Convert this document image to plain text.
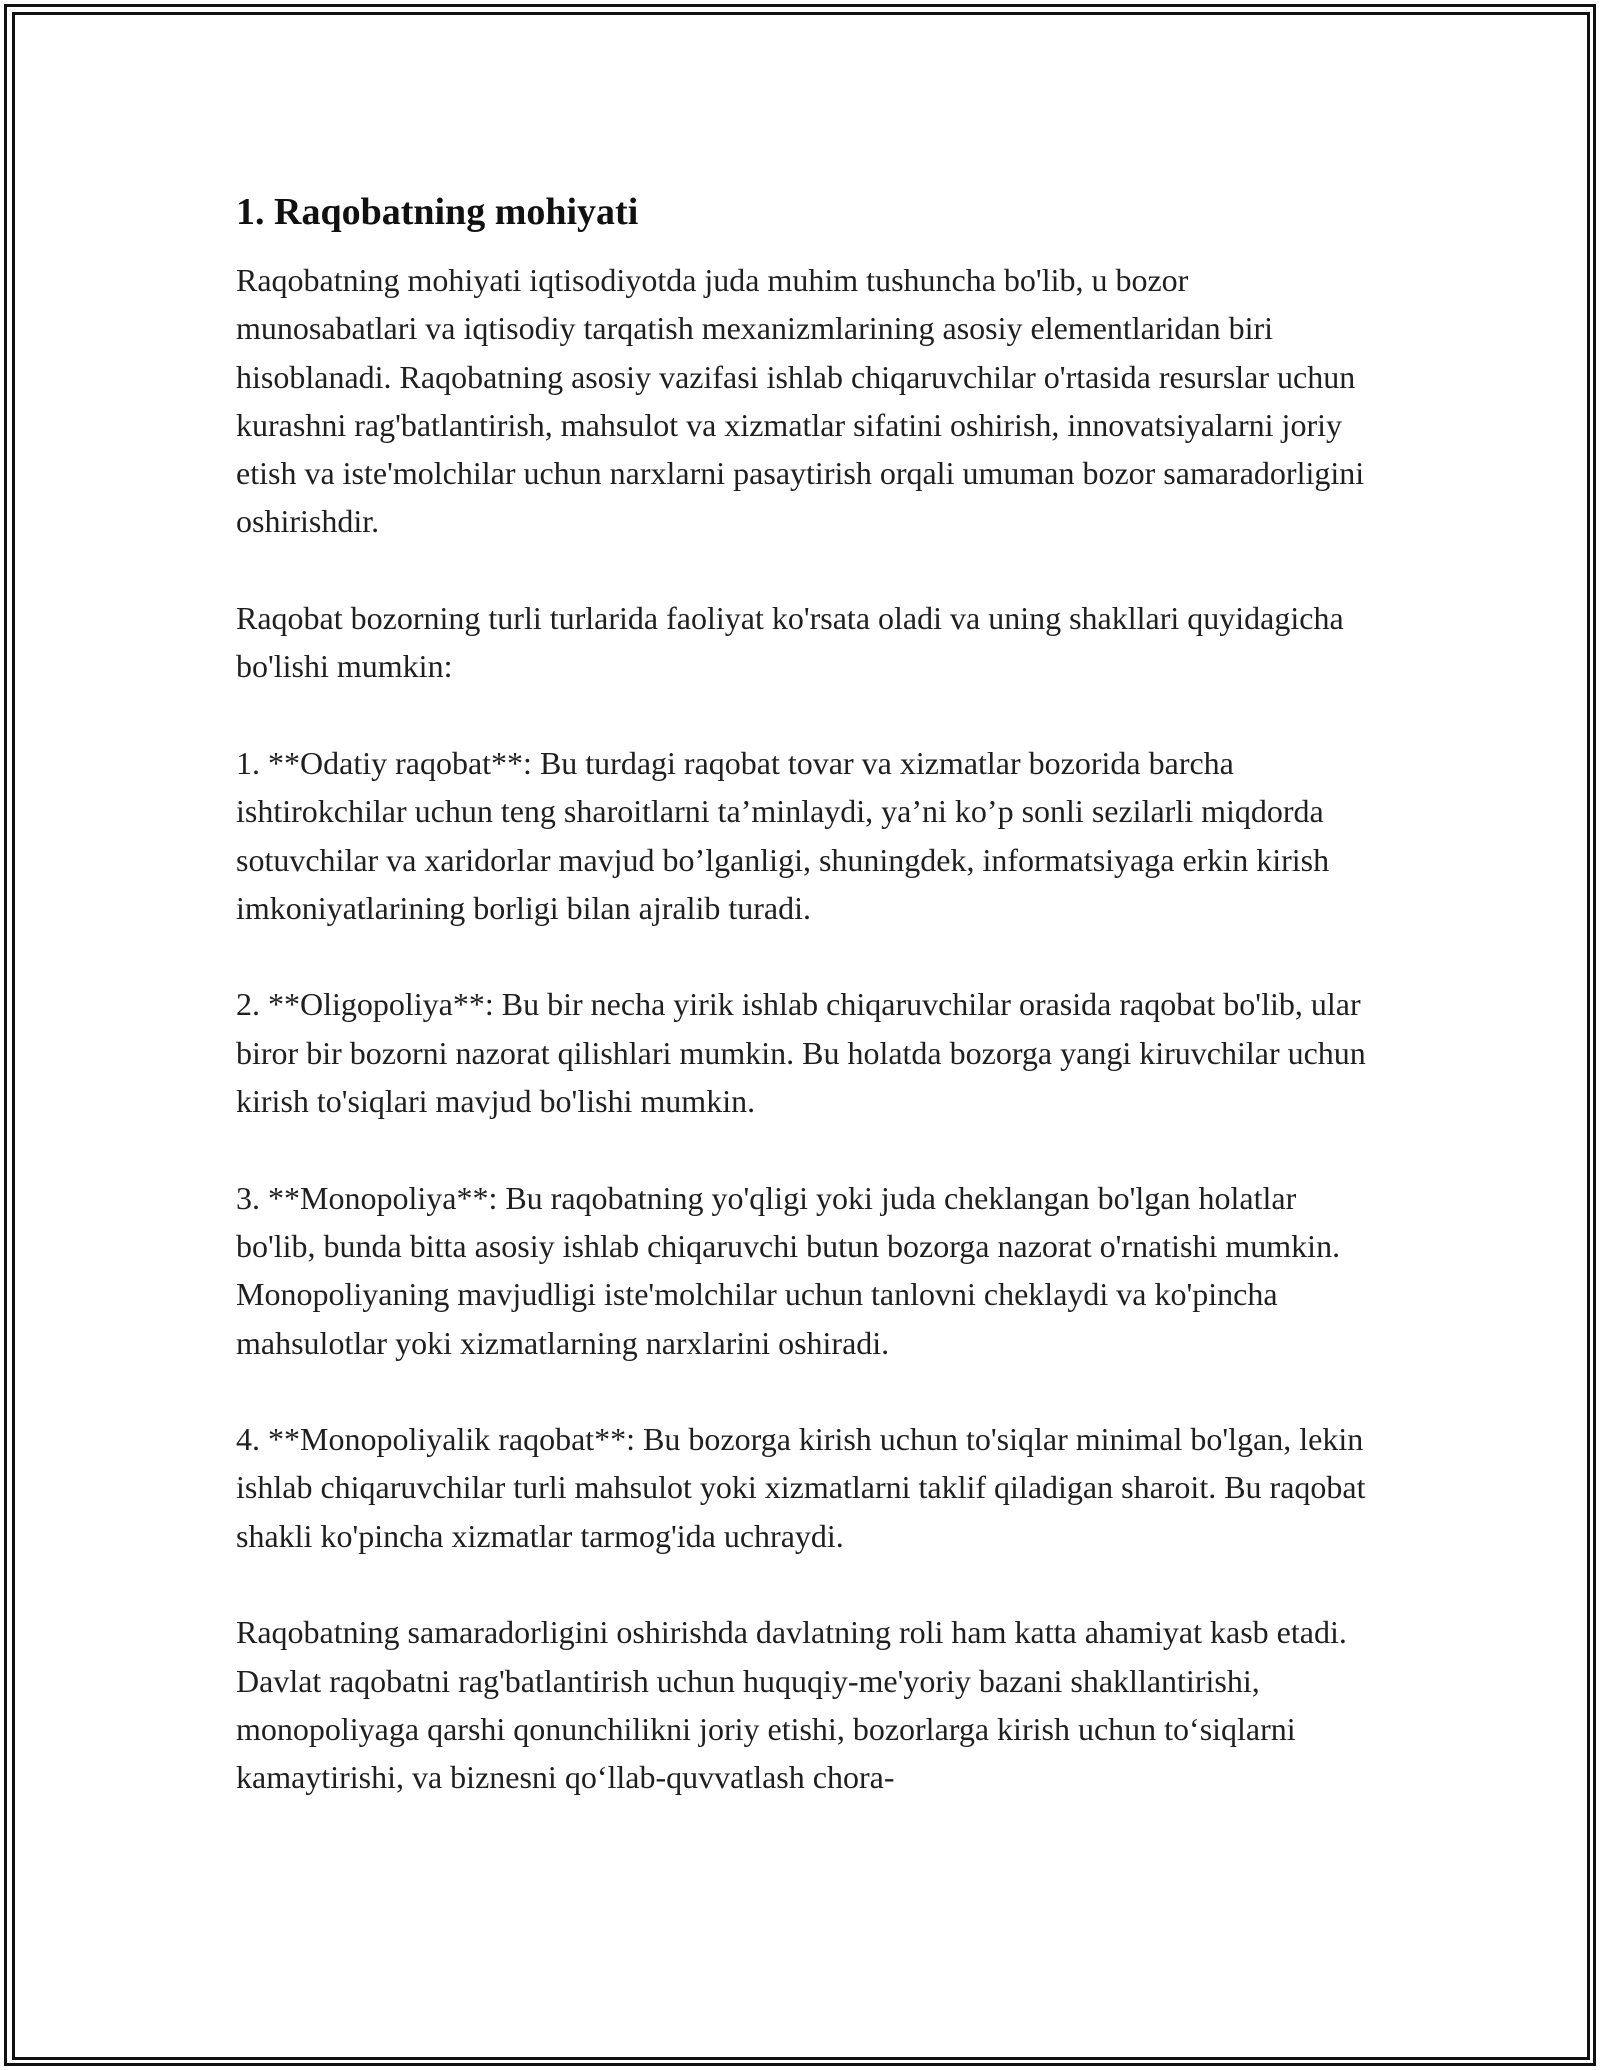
1. Raqobatning mohiyati

Raqobatning mohiyati iqtisodiyotda juda muhim tushuncha bo'lib, u bozor munosabatlari va iqtisodiy tarqatish mexanizmlarining asosiy elementlaridan biri hisoblanadi. Raqobatning asosiy vazifasi ishlab chiqaruvchilar o'rtasida resurslar uchun kurashni rag'batlantirish, mahsulot va xizmatlar sifatini oshirish, innovatsiyalarni joriy etish va iste'molchilar uchun narxlarni pasaytirish orqali umuman bozor samaradorligini oshirishdir.

Raqobat bozorning turli turlarida faoliyat ko'rsata oladi va uning shakllari quyidagicha bo'lishi mumkin:

1. **Odatiy raqobat**: Bu turdagi raqobat tovar va xizmatlar bozorida barcha ishtirokchilar uchun teng sharoitlarni ta’minlaydi, ya’ni ko’p sonli sezilarli miqdorda sotuvchilar va xaridorlar mavjud bo’lganligi, shuningdek, informatsiyaga erkin kirish imkoniyatlarining borligi bilan ajralib turadi.

2. **Oligopoliya**: Bu bir necha yirik ishlab chiqaruvchilar orasida raqobat bo'lib, ular biror bir bozorni nazorat qilishlari mumkin. Bu holatda bozorga yangi kiruvchilar uchun kirish to'siqlari mavjud bo'lishi mumkin.

3. **Monopoliya**: Bu raqobatning yo'qligi yoki juda cheklangan bo'lgan holatlar bo'lib, bunda bitta asosiy ishlab chiqaruvchi butun bozorga nazorat o'rnatishi mumkin. Monopoliyaning mavjudligi iste'molchilar uchun tanlovni cheklaydi va ko'pincha mahsulotlar yoki xizmatlarning narxlarini oshiradi.

4. **Monopoliyalik raqobat**: Bu bozorga kirish uchun to'siqlar minimal bo'lgan, lekin ishlab chiqaruvchilar turli mahsulot yoki xizmatlarni taklif qiladigan sharoit. Bu raqobat shakli ko'pincha xizmatlar tarmog'ida uchraydi.

Raqobatning samaradorligini oshirishda davlatning roli ham katta ahamiyat kasb etadi. Davlat raqobatni rag'batlantirish uchun huquqiy-me'yoriy bazani shakllantirishi, monopoliyaga qarshi qonunchilikni joriy etishi, bozorlarga kirish uchun to‘siqlarni kamaytirishi, va biznesni qo‘llab-quvvatlash chora-
